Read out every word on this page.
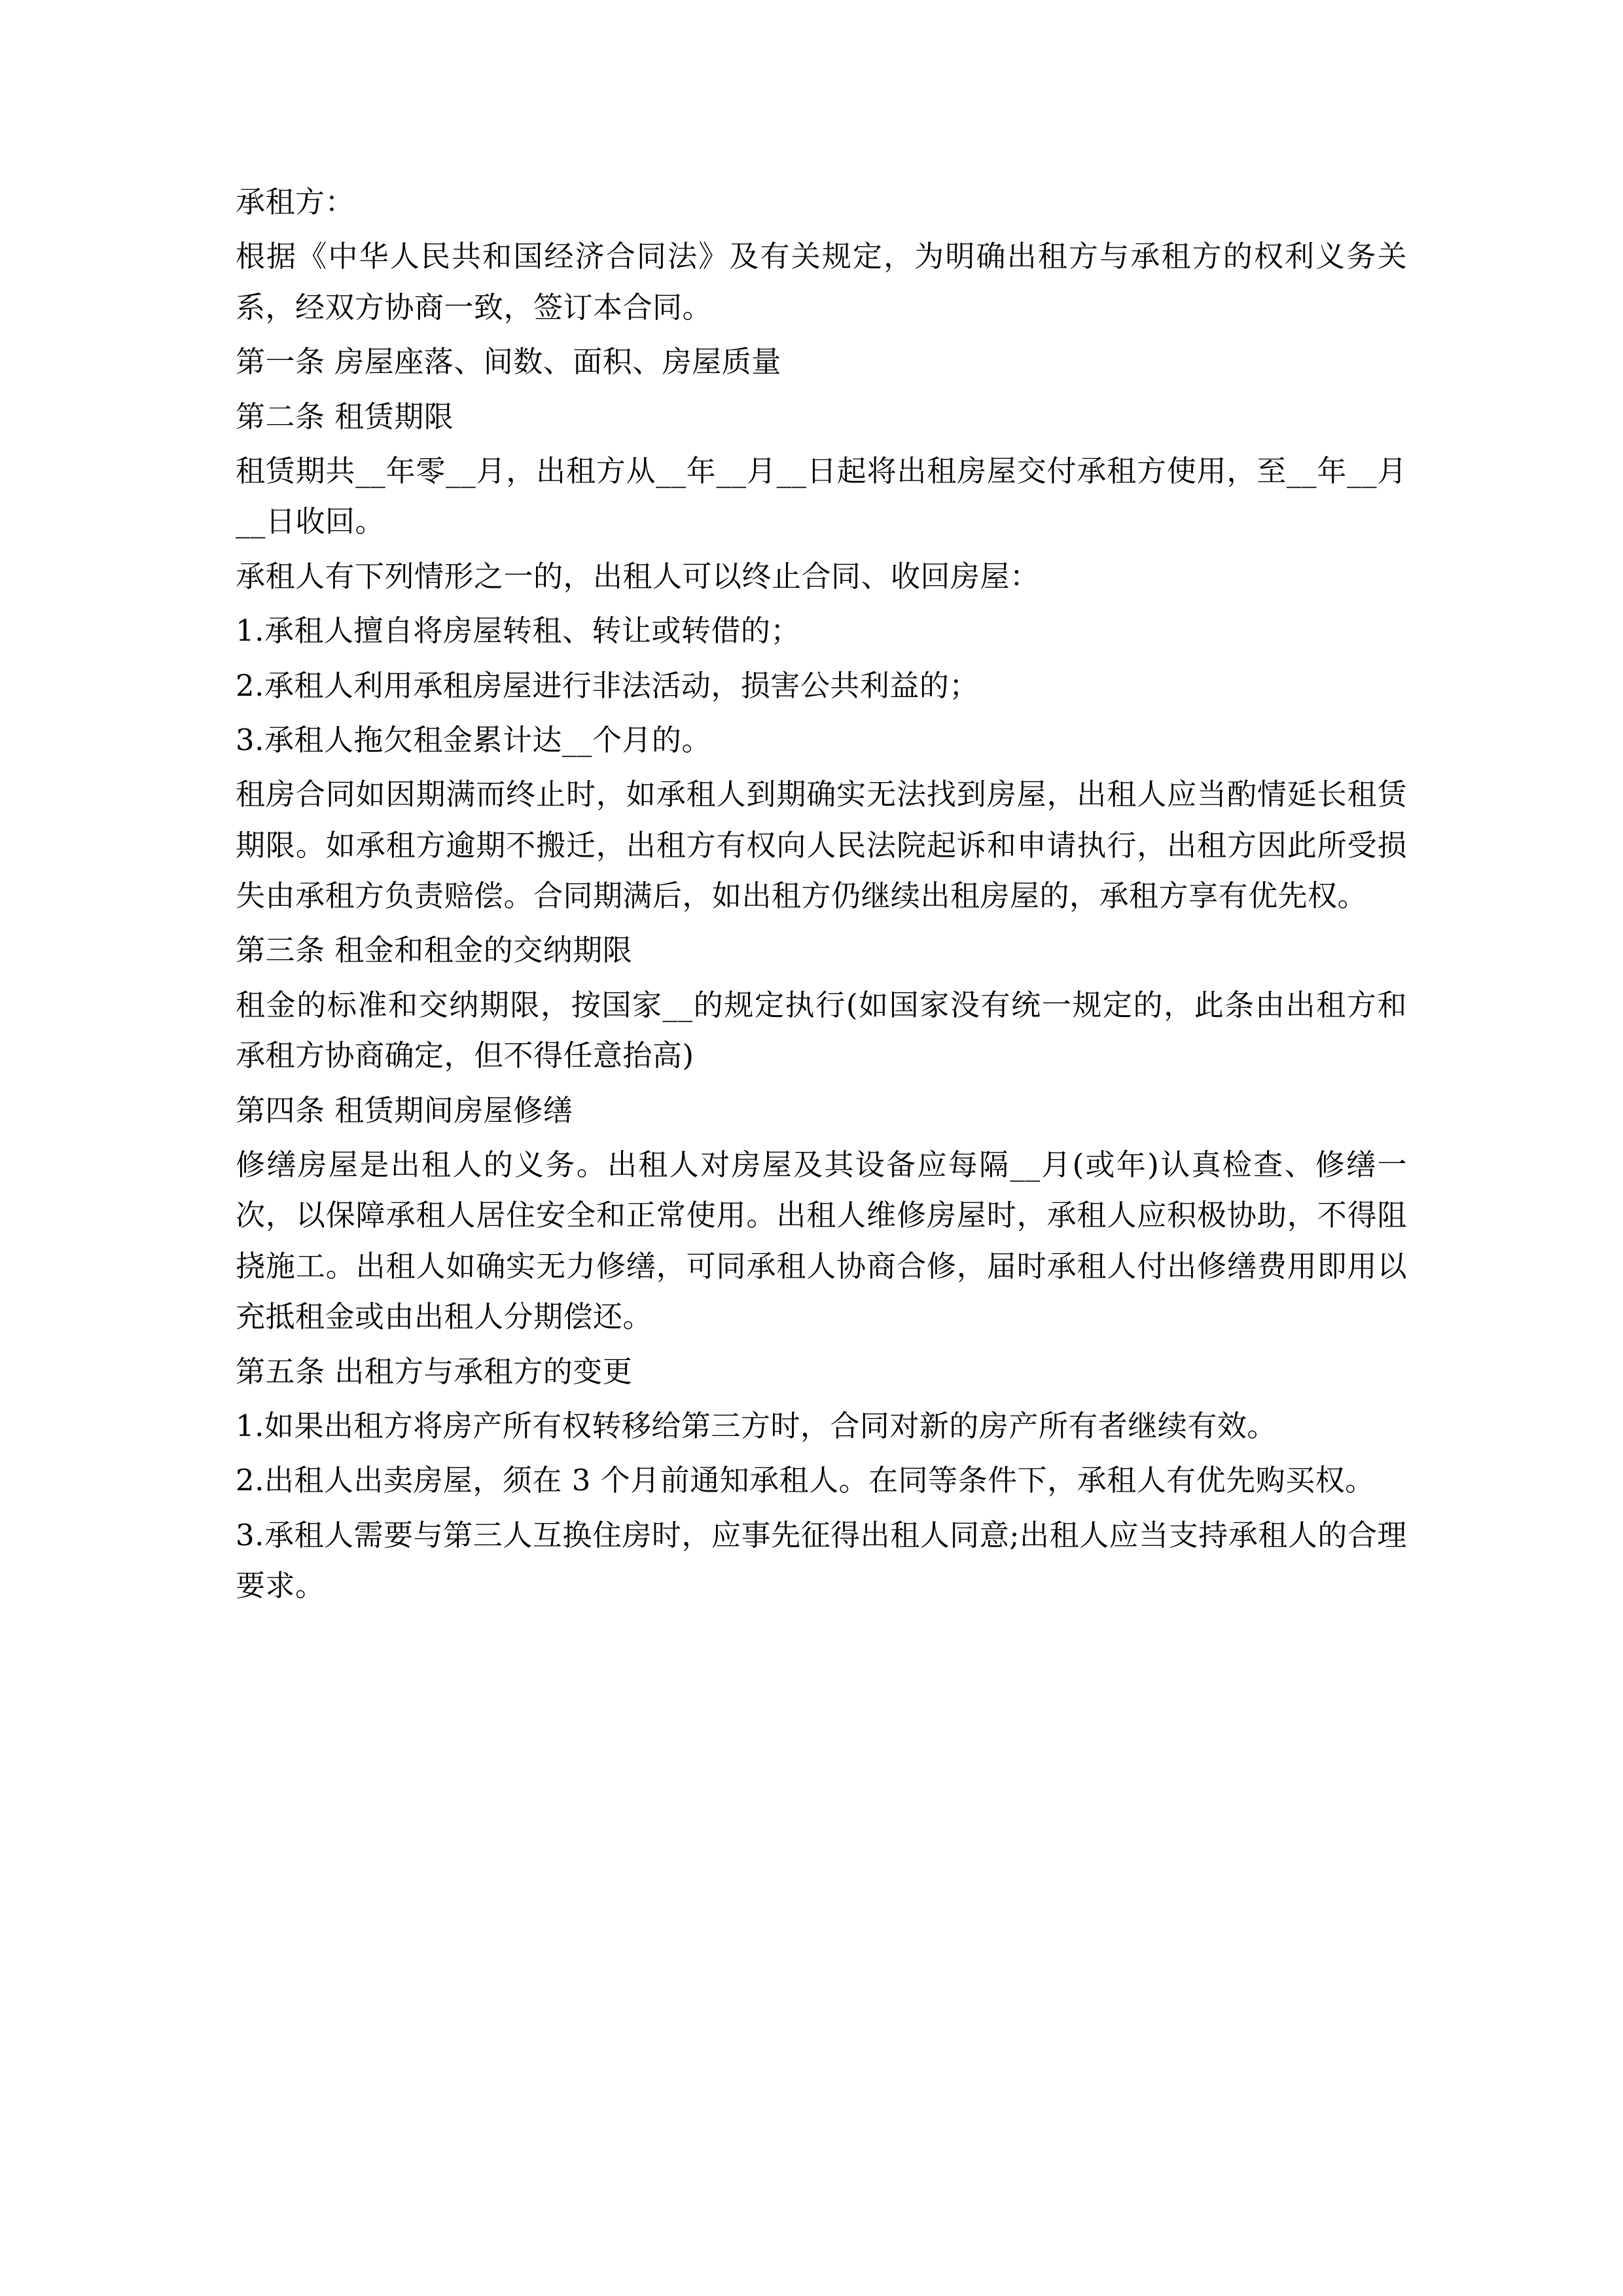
承租方：

根据《中华人民共和国经济合同法》及有关规定，为明确出租方与承租方的权利义务关系，经双方协商一致，签订本合同。

第一条 房屋座落、间数、面积、房屋质量

第二条 租赁期限

租赁期共__年零__月，出租方从__年__月__日起将出租房屋交付承租方使用，至__年__月__日收回。

承租人有下列情形之一的，出租人可以终止合同、收回房屋：

1.承租人擅自将房屋转租、转让或转借的；

2.承租人利用承租房屋进行非法活动，损害公共利益的；

3.承租人拖欠租金累计达__个月的。

租房合同如因期满而终止时，如承租人到期确实无法找到房屋，出租人应当酌情延长租赁期限。如承租方逾期不搬迁，出租方有权向人民法院起诉和申请执行，出租方因此所受损失由承租方负责赔偿。合同期满后，如出租方仍继续出租房屋的，承租方享有优先权。

第三条 租金和租金的交纳期限

租金的标准和交纳期限，按国家__的规定执行(如国家没有统一规定的，此条由出租方和承租方协商确定，但不得任意抬高)

第四条 租赁期间房屋修缮

修缮房屋是出租人的义务。出租人对房屋及其设备应每隔__月(或年)认真检查、修缮一次，以保障承租人居住安全和正常使用。出租人维修房屋时，承租人应积极协助，不得阻挠施工。出租人如确实无力修缮，可同承租人协商合修，届时承租人付出修缮费用即用以充抵租金或由出租人分期偿还。

第五条 出租方与承租方的变更

1.如果出租方将房产所有权转移给第三方时，合同对新的房产所有者继续有效。

2.出租人出卖房屋，须在 3 个月前通知承租人。在同等条件下，承租人有优先购买权。

3.承租人需要与第三人互换住房时，应事先征得出租人同意;出租人应当支持承租人的合理要求。
